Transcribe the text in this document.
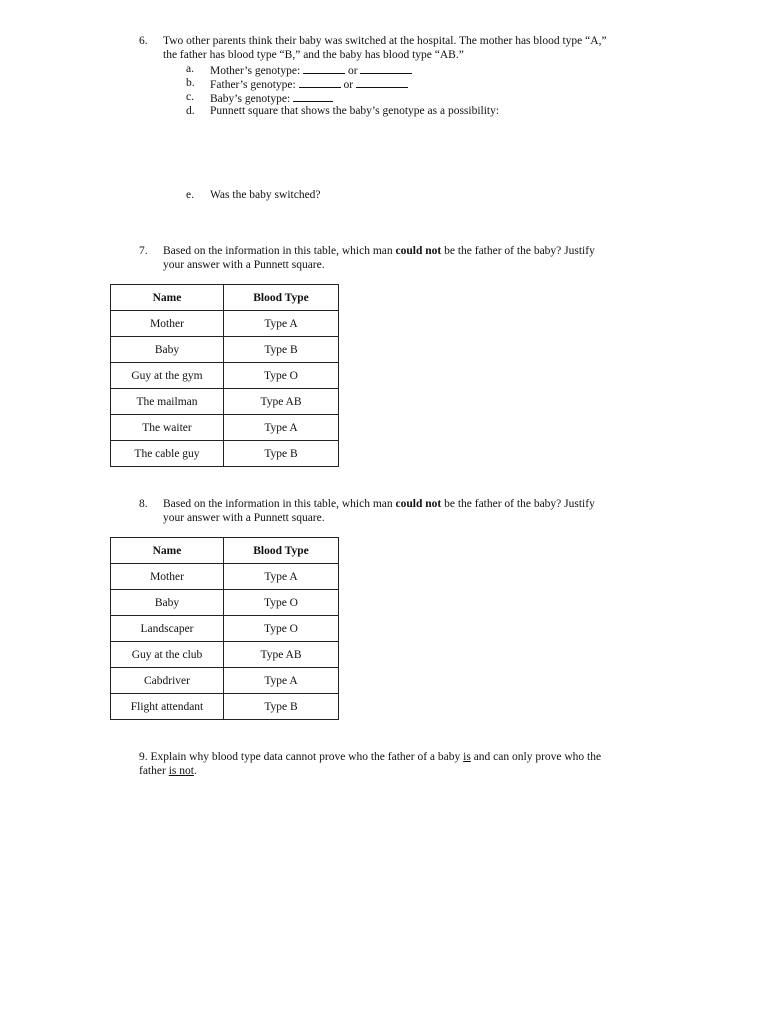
6. Two other parents think their baby was switched at the hospital. The mother has blood type “A,”
the father has blood type “B,” and the baby has blood type “AB.”
a. Mother’s genotype:	or
b. Father’s genotype:	or
c. Baby’s genotype:
d. Punnett square that shows the baby’s genotype as a possibility:
e. Was the baby switched?
7. Based on the information in this table, which man could not be the father of the baby? Justify
your answer with a Punnett square.
Name	Blood Type
Mother	Type A
Baby	Type B
Guy at the gym	Type O
The mailman	Type AB
The waiter	Type A
The cable guy	Type B
8. Based on the information in this table, which man could not be the father of the baby? Justify
your answer with a Punnett square.
Name	Blood Type
Mother	Type A
Baby	Type O
Landscaper	Type O
Guy at the club	Type AB
Cabdriver	Type A
Flight attendant	Type B
9. Explain why blood type data cannot prove who the father of a baby is and can only prove who the
father is not.
